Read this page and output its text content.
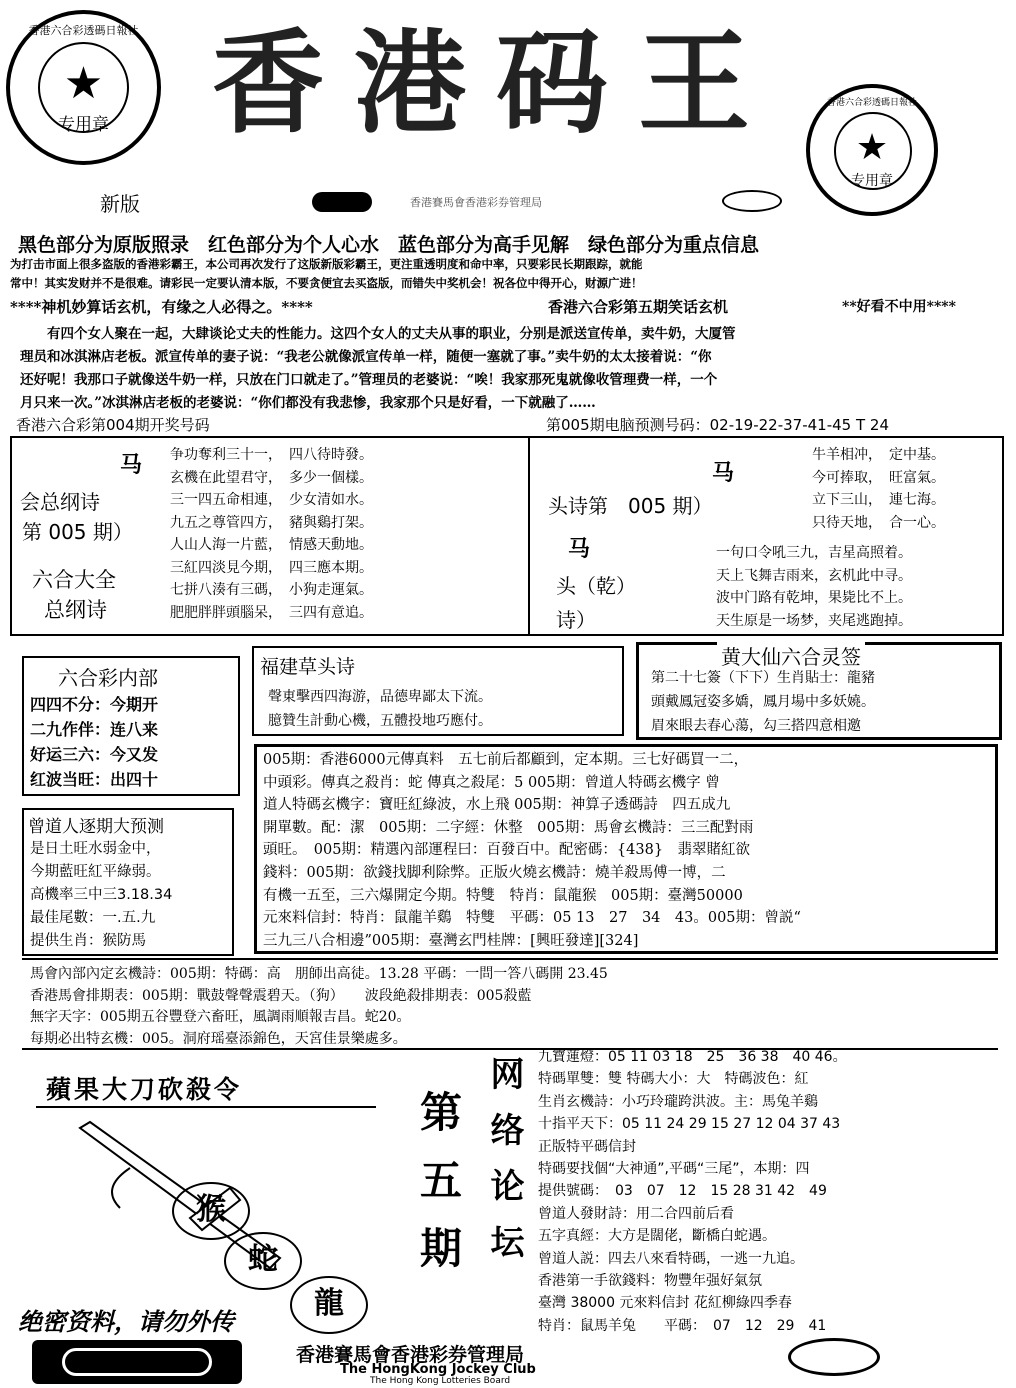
香港六合彩透碼日報社
★
专用章
新版
香港码王
香港賽馬會香港彩券管理局
香港六合彩透碼日報社
★
专用章
黑色部分为原版照录　红色部分为个人心水　蓝色部分为高手见解　绿色部分为重点信息
为打击市面上很多盗版的香港彩霸王，本公司再次发行了这版新版彩霸王，更注重透明度和命中率，只要彩民长期跟踪，就能
常中！其实发财并不是很难。请彩民一定要认清本版，不要贪便宜去买盗版，而错失中奖机会！祝各位中得开心，财源广进！
****神机妙算话玄机，有缘之人必得之。****	香港六合彩第五期笑话玄机	**好看不中用****
　　有四个女人聚在一起，大肆谈论丈夫的性能力。这四个女人的丈夫从事的职业，分别是派送宣传单，卖牛奶，大厦管
理员和冰淇淋店老板。派宣传单的妻子说：“我老公就像派宣传单一样，随便一塞就了事。”卖牛奶的太太接着说：“你
还好呢！我那口子就像送牛奶一样，只放在门口就走了。”管理员的老婆说：“唉！我家那死鬼就像收管理费一样，一个
月只来一次。”冰淇淋店老板的老婆说：“你们都没有我悲惨，我家那个只是好看，一下就融了……
香港六合彩第004期开奖号码	第005期电脑预测号码：02-19-22-37-41-45 T 24
马
会总纲诗
第 005 期）
六合大全
总纲诗
争功奪利三十一，　四八待時發。
玄機在此望君守，　多少一個樣。
三一四五命相連，　少女清如水。
九五之尊管四方，　豬與鷄打架。
人山人海一片藍，　情感天動地。
三紅四淡見今期，　四三應本期。
七拼八湊有三碼，　小狗走運氣。
肥肥胖胖頭腦呆，　三四有意追。
马
头诗第　005 期）
马
头（乾）
诗）
牛羊相冲，　定中基。
今可捧取，　旺富氣。
立下三山，　連七海。
只待天地，　合一心。
一句口令吼三九，吉星高照着。
天上飞舞吉雨来，玄机此中寻。
波中门路有乾坤，果毙比不上。
天生原是一场梦，夹尾逃跑掉。
六合彩内部
四四不分：今期开
二九作伴：连八来
好运三六：今又发
红波当旺：出四十
福建草头诗
聲東擊西四海游，品德卑鄙太下流。
臆贊生計動心機，五體投地巧應付。
黄大仙六合灵签
第二十七簽（下下）生肖貼士：龍豬
頭戴鳳冠姿多嬌，鳳月場中多妖嬈。
眉來眼去春心蕩，勾三搭四意相邀
曾道人逐期大预测
是日土旺水弱金中，
今期藍旺紅平綠弱。
高機率三中三3.18.34
最佳尾數：一.五.九
提供生肖：猴防馬
005期：香港6000元傳真料　五七前后都顧到，定本期。三七好碼買一二，
中頭彩。傳真之殺肖：蛇 傳真之殺尾：5 005期：曾道人特碼玄機字 曾
道人特碼玄機字：寶旺紅綠波，水上飛 005期：神算子透碼詩　四五成九
開單數。配：潔　005期：二字經：休整　005期：馬會玄機詩：三三配對雨
頭旺。　005期：精選內部運程曰：百發百中。配密碼：{438}　翡翠賭紅欲
錢料：005期：欲錢找脚利除弊。正版火燒玄機詩：燒羊殺馬傅一博，二
有機一五至，三六爆開定今期。特雙　特肖：鼠龍猴　005期：臺灣50000
元來料信封：特肖：鼠龍羊鷄　特雙　平碼：05 13　27　34　43。005期：曾説“
三九三八合相邊”005期：臺灣玄門桂牌：[興旺發達][324]
馬會內部內定玄機詩：005期：特碼：高　朋師出高徒。13.28 平碼：一問一答八碼開 23.45
香港馬會排期表：005期：戰鼓聲聲震碧天。（狗）　　波段絶殺排期表：005殺藍
無字天字：005期五谷豐登六畜旺，風調雨順報吉昌。蛇20。
每期必出特玄機：005。洞府瑶臺添錦色，天宮佳景樂處多。
蘋果大刀砍殺令
猴
蛇
龍
绝密资料，请勿外传
网络论坛
第五期
九寶蓮燈：05 11 03 18　25　36 38　40 46。
特碼單雙：雙 特碼大小：大　特碼波色：紅
生肖玄機詩：小巧玲瓏跨洪波。主：馬兔羊鷄
十指平天下：05 11 24 29 15 27 12 04 37 43
正版特平碼信封
特碼要找個“大神通”,平碼“三尾”，本期：四
提供號碼：　03　07　12　15 28 31 42　49
曾道人發財詩：用二合四前后看
五字真經：大方是闊佬，斷橋白蛇遇。
曾道人説：四去八來看特碼，一逃一九追。
香港第一手欲錢料：物豐年强好氣氛
臺灣 38000 元來料信封 花紅柳綠四季春
特肖：鼠馬羊兔　　平碼：　07　12　29　41
香港賽馬會香港彩券管理局
The HongKong Jockey Club
The Hong Kong Lotteries Board
